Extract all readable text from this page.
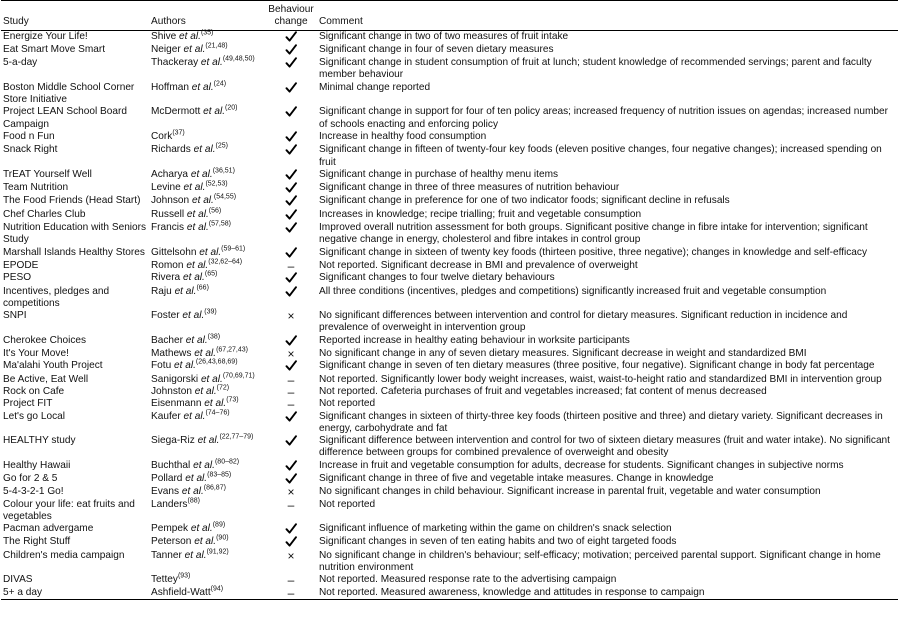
Study	Authors	Behaviour change	Comment
Energize Your Life!	Shive et al.$^{(35)}$		Significant change in two of two measures of fruit intake
Eat Smart Move Smart	Neiger et al.$^{(21,48)}$		Significant change in four of seven dietary measures
5-a-day	Thackeray et al.$^{(49,48,50)}$		Significant change in student consumption of fruit at lunch; student knowledge of recommended servings; parent and faculty member behaviour
Boston Middle School Corner Store Initiative	Hoffman et al.$^{(24)}$		Minimal change reported
Project LEAN School Board Campaign	McDermott et al.$^{(20)}$		Significant change in support for four of ten policy areas; increased frequency of nutrition issues on agendas; increased number of schools enacting and enforcing policy
Food n Fun	Cork$^{(37)}$		Increase in healthy food consumption
Snack Right	Richards et al.$^{(25)}$		Significant change in fifteen of twenty-four key foods (eleven positive changes, four negative changes); increased spending on fruit
TrEAT Yourself Well	Acharya et al.$^{(36,51)}$		Significant change in purchase of healthy menu items
Team Nutrition	Levine et al.$^{(52,53)}$		Significant change in three of three measures of nutrition behaviour
The Food Friends (Head Start)	Johnson et al.$^{(54,55)}$		Significant change in preference for one of two indicator foods; significant decline in refusals
Chef Charles Club	Russell et al.$^{(56)}$		Increases in knowledge; recipe trialling; fruit and vegetable consumption
Nutrition Education with Seniors Study	Francis et al.$^{(57,58)}$		Improved overall nutrition assessment for both groups. Significant positive change in fibre intake for intervention; significant negative change in energy, cholesterol and fibre intakes in control group
Marshall Islands Healthy Stores	Gittelsohn et al.$^{(59-61)}$		Significant change in sixteen of twenty key foods (thirteen positive, three negative); changes in knowledge and self-efficacy
EPODE	Romon et al.$^{(32,62-64)}$	–	Not reported. Significant decrease in BMI and prevalence of overweight
PESO	Rivera et al.$^{(65)}$		Significant changes to four twelve dietary behaviours
Incentives, pledges and competitions	Raju et al.$^{(66)}$		All three conditions (incentives, pledges and competitions) significantly increased fruit and vegetable consumption
SNPI	Foster et al.$^{(39)}$	×	No significant differences between intervention and control for dietary measures. Significant reduction in incidence and prevalence of overweight in intervention group
Cherokee Choices	Bacher et al.$^{(38)}$		Reported increase in healthy eating behaviour in worksite participants
It's Your Move!	Mathews et al.$^{(67,27,43)}$	×	No significant change in any of seven dietary measures. Significant decrease in weight and standardized BMI
Ma'alahi Youth Project	Fotu et al.$^{(26,43,68,69)}$		Significant change in seven of ten dietary measures (three positive, four negative). Significant change in body fat percentage
Be Active, Eat Well	Sanigorski et al.$^{(70,69,71)}$	–	Not reported. Significantly lower body weight increases, waist, waist-to-height ratio and standardized BMI in intervention group
Rock on Cafe	Johnston et al.$^{(72)}$	–	Not reported. Cafeteria purchases of fruit and vegetables increased; fat content of menus decreased
Project FIT	Eisenmann et al.$^{(73)}$	–	Not reported
Let's go Local	Kaufer et al.$^{(74-76)}$		Significant changes in sixteen of thirty-three key foods (thirteen positive and three) and dietary variety. Significant decreases in energy, carbohydrate and fat
HEALTHY study	Siega-Riz et al.$^{(22,77-79)}$		Significant difference between intervention and control for two of sixteen dietary measures (fruit and water intake). No significant difference between groups for combined prevalence of overweight and obesity
Healthy Hawaii	Buchthal et al.$^{(80-82)}$		Increase in fruit and vegetable consumption for adults, decrease for students. Significant changes in subjective norms
Go for 2 & 5	Pollard et al.$^{(83-85)}$		Significant change in three of five and vegetable intake measures. Change in knowledge
5-4-3-2-1 Go!	Evans et al.$^{(86,87)}$	×	No significant changes in child behaviour. Significant increase in parental fruit, vegetable and water consumption
Colour your life: eat fruits and vegetables	Landers$^{(88)}$	–	Not reported
Pacman advergame	Pempek et al.$^{(89)}$		Significant influence of marketing within the game on children's snack selection
The Right Stuff	Peterson et al.$^{(90)}$		Significant changes in seven of ten eating habits and two of eight targeted foods
Children's media campaign	Tanner et al.$^{(91,92)}$	×	No significant change in children's behaviour; self-efficacy; motivation; perceived parental support. Significant change in home nutrition environment
DIVAS	Tettey$^{(93)}$	–	Not reported. Measured response rate to the advertising campaign
5+ a day	Ashfield-Watt$^{(94)}$	–	Not reported. Measured awareness, knowledge and attitudes in response to campaign
